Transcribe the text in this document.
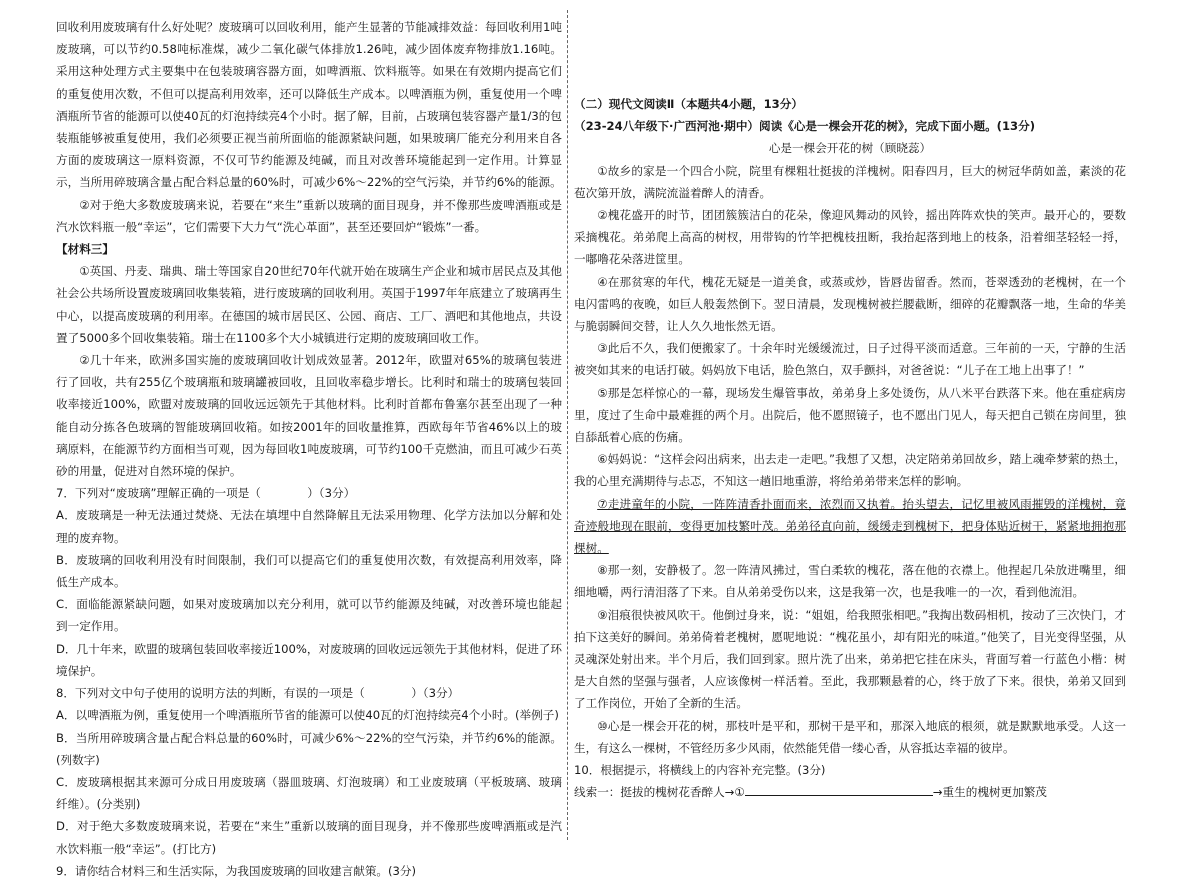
回收利用废玻璃有什么好处呢？废玻璃可以回收利用，能产生显著的节能减排效益：每回收利用1吨废玻璃，可以节约0.58吨标准煤，减少二氧化碳气体排放1.26吨，减少固体废弃物排放1.16吨。采用这种处理方式主要集中在包装玻璃容器方面，如啤酒瓶、饮料瓶等。如果在有效期内提高它们的重复使用次数，不但可以提高利用效率，还可以降低生产成本。以啤酒瓶为例，重复使用一个啤酒瓶所节省的能源可以使40瓦的灯泡持续亮4个小时。据了解，目前，占玻璃包装容器产量1/3的包装瓶能够被重复使用，我们必须要正视当前所面临的能源紧缺问题，如果玻璃厂能充分利用来自各方面的废玻璃这一原料资源，不仅可节约能源及纯碱，而且对改善环境能起到一定作用。计算显示，当所用碎玻璃含量占配合料总量的60%时，可减少6%～22%的空气污染，并节约6%的能源。

②对于绝大多数废玻璃来说，若要在“来生”重新以玻璃的面目现身，并不像那些废啤酒瓶或是汽水饮料瓶一般“幸运”，它们需要下大力气“洗心革面”，甚至还要回炉“锻炼”一番。

【材料三】

①英国、丹麦、瑞典、瑞士等国家自20世纪70年代就开始在玻璃生产企业和城市居民点及其他社会公共场所设置废玻璃回收集装箱，进行废玻璃的回收利用。英国于1997年年底建立了玻璃再生中心，以提高废玻璃的利用率。在德国的城市居民区、公园、商店、工厂、酒吧和其他地点，共设置了5000多个回收集装箱。瑞士在1100多个大小城镇进行定期的废玻璃回收工作。

②几十年来，欧洲多国实施的废玻璃回收计划成效显著。2012年，欧盟对65%的玻璃包装进行了回收，共有255亿个玻璃瓶和玻璃罐被回收，且回收率稳步增长。比利时和瑞士的玻璃包装回收率接近100%，欧盟对废玻璃的回收远远领先于其他材料。比利时首都布鲁塞尔甚至出现了一种能自动分拣各色玻璃的智能玻璃回收箱。如按2001年的回收量推算，西欧每年节省46%以上的玻璃原料，在能源节约方面相当可观，因为每回收1吨废玻璃，可节约100千克燃油，而且可减少石英砂的用量，促进对自然环境的保护。

7．下列对“废玻璃”理解正确的一项是（　　　　）（3分）

A．废玻璃是一种无法通过焚烧、无法在填埋中自然降解且无法采用物理、化学方法加以分解和处理的废弃物。

B．废玻璃的回收利用没有时间限制，我们可以提高它们的重复使用次数，有效提高利用效率，降低生产成本。

C．面临能源紧缺问题，如果对废玻璃加以充分利用，就可以节约能源及纯碱，对改善环境也能起到一定作用。

D．几十年来，欧盟的玻璃包装回收率接近100%，对废玻璃的回收远远领先于其他材料，促进了环境保护。

8．下列对文中句子使用的说明方法的判断，有误的一项是（　　　　）（3分）

A．以啤酒瓶为例，重复使用一个啤酒瓶所节省的能源可以使40瓦的灯泡持续亮4个小时。(举例子)

B．当所用碎玻璃含量占配合料总量的60%时，可减少6%～22%的空气污染，并节约6%的能源。(列数字)

C．废玻璃根据其来源可分成日用废玻璃（器皿玻璃、灯泡玻璃）和工业废玻璃（平板玻璃、玻璃纤维）。(分类别)

D．对于绝大多数废玻璃来说，若要在“来生”重新以玻璃的面目现身，并不像那些废啤酒瓶或是汽水饮料瓶一般“幸运”。(打比方)

9．请你结合材料三和生活实际，为我国废玻璃的回收建言献策。(3分)

（二）现代文阅读Ⅱ（本题共4小题，13分）

（23-24八年级下·广西河池·期中）阅读《心是一棵会开花的树》，完成下面小题。(13分)

心是一棵会开花的树（顾晓蕊）

①故乡的家是一个四合小院，院里有棵粗壮挺拔的洋槐树。阳春四月，巨大的树冠华荫如盖，素淡的花苞次第开放，满院流溢着醉人的清香。

②槐花盛开的时节，团团簇簇洁白的花朵，像迎风舞动的风铃，摇出阵阵欢快的笑声。最开心的，要数采摘槐花。弟弟爬上高高的树杈，用带钩的竹竿把槐枝扭断，我抬起落到地上的枝条，沿着细茎轻轻一捋，一嘟噜花朵落进筐里。

④在那贫寒的年代，槐花无疑是一道美食，或蒸或炒，皆唇齿留香。然而，苍翠透劲的老槐树，在一个电闪雷鸣的夜晚，如巨人般轰然倒下。翌日清晨，发现槐树被拦腰截断，细碎的花瓣飘落一地，生命的华美与脆弱瞬间交替，让人久久地怅然无语。

③此后不久，我们便搬家了。十余年时光缓缓流过，日子过得平淡而适意。三年前的一天，宁静的生活被突如其来的电话打破。妈妈放下电话，脸色煞白，双手颤抖，对爸爸说：“儿子在工地上出事了！”

⑤那是怎样惊心的一幕，现场发生爆管事故，弟弟身上多处烫伤，从八米平台跌落下来。他在重症病房里，度过了生命中最难捱的两个月。出院后，他不愿照镜子，也不愿出门见人，每天把自己锁在房间里，独自舔舐着心底的伤痛。

⑥妈妈说：“这样会闷出病来，出去走一走吧。”我想了又想，决定陪弟弟回故乡，踏上魂牵梦萦的热土，我的心里充满期待与忐忑，不知这一趟旧地重游，将给弟弟带来怎样的影响。

⑦走进童年的小院，一阵阵清香扑面而来，浓烈而又执着。抬头望去，记忆里被风雨摧毁的洋槐树，竟奇迹般地现在眼前，变得更加枝繁叶茂。弟弟径直向前，缓缓走到槐树下，把身体贴近树干，紧紧地拥抱那棵树。

⑧那一刻，安静极了。忽一阵清风拂过，雪白柔软的槐花，落在他的衣襟上。他捏起几朵放进嘴里，细细地嚼，两行清泪落了下来。自从弟弟受伤以来，这是我第一次，也是我唯一的一次，看到他流泪。

⑨泪痕很快被风吹干。他倒过身来，说：“姐姐，给我照张相吧。”我掏出数码相机，按动了三次快门，才拍下这美好的瞬间。弟弟倚着老槐树，愿呢地说：“槐花虽小，却有阳光的味道。”他笑了，目光变得坚强，从灵魂深处射出来。半个月后，我们回到家。照片洗了出来，弟弟把它挂在床头，背面写着一行蓝色小楷：树是大自然的坚强与强者，人应该像树一样活着。至此，我那颗悬着的心，终于放了下来。很快，弟弟又回到了工作岗位，开始了全新的生活。

⑩心是一棵会开花的树，那枝叶是平和，那树干是平和，那深入地底的根须，就是默默地承受。人这一生，有这么一棵树，不管经历多少风雨，依然能凭借一缕心香，从容抵达幸福的彼岸。

10．根据提示，将横线上的内容补充完整。(3分)

线索一：挺拔的槐树花香醉人→①	→重生的槐树更加繁茂
